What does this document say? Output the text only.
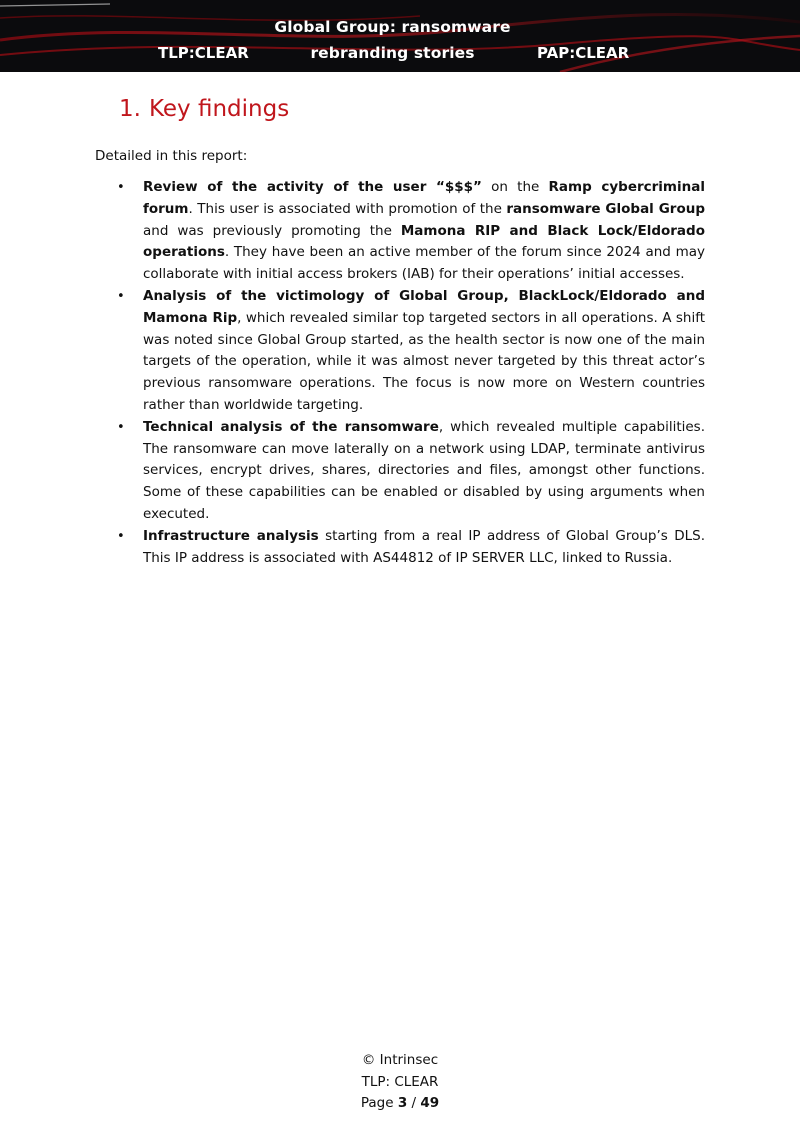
Global Group: ransomware rebranding stories
TLP:CLEAR	PAP:CLEAR
1. Key findings
Detailed in this report:
• Review of the activity of the user “$$$” on the Ramp cybercriminal forum. This user is associated with promotion of the ransomware Global Group and was previously promoting the Mamona RIP and Black Lock/Eldorado operations. They have been an active member of the forum since 2024 and may collaborate with initial access brokers (IAB) for their operations’ initial accesses.
• Analysis of the victimology of Global Group, BlackLock/Eldorado and Mamona Rip, which revealed similar top targeted sectors in all operations. A shift was noted since Global Group started, as the health sector is now one of the main targets of the operation, while it was almost never targeted by this threat actor’s previous ransomware operations. The focus is now more on Western countries rather than worldwide targeting.
• Technical analysis of the ransomware, which revealed multiple capabilities. The ransomware can move laterally on a network using LDAP, terminate antivirus services, encrypt drives, shares, directories and files, amongst other functions. Some of these capabilities can be enabled or disabled by using arguments when executed.
• Infrastructure analysis starting from a real IP address of Global Group’s DLS. This IP address is associated with AS44812 of IP SERVER LLC, linked to Russia.
© Intrinsec
TLP: CLEAR
Page 3 / 49
